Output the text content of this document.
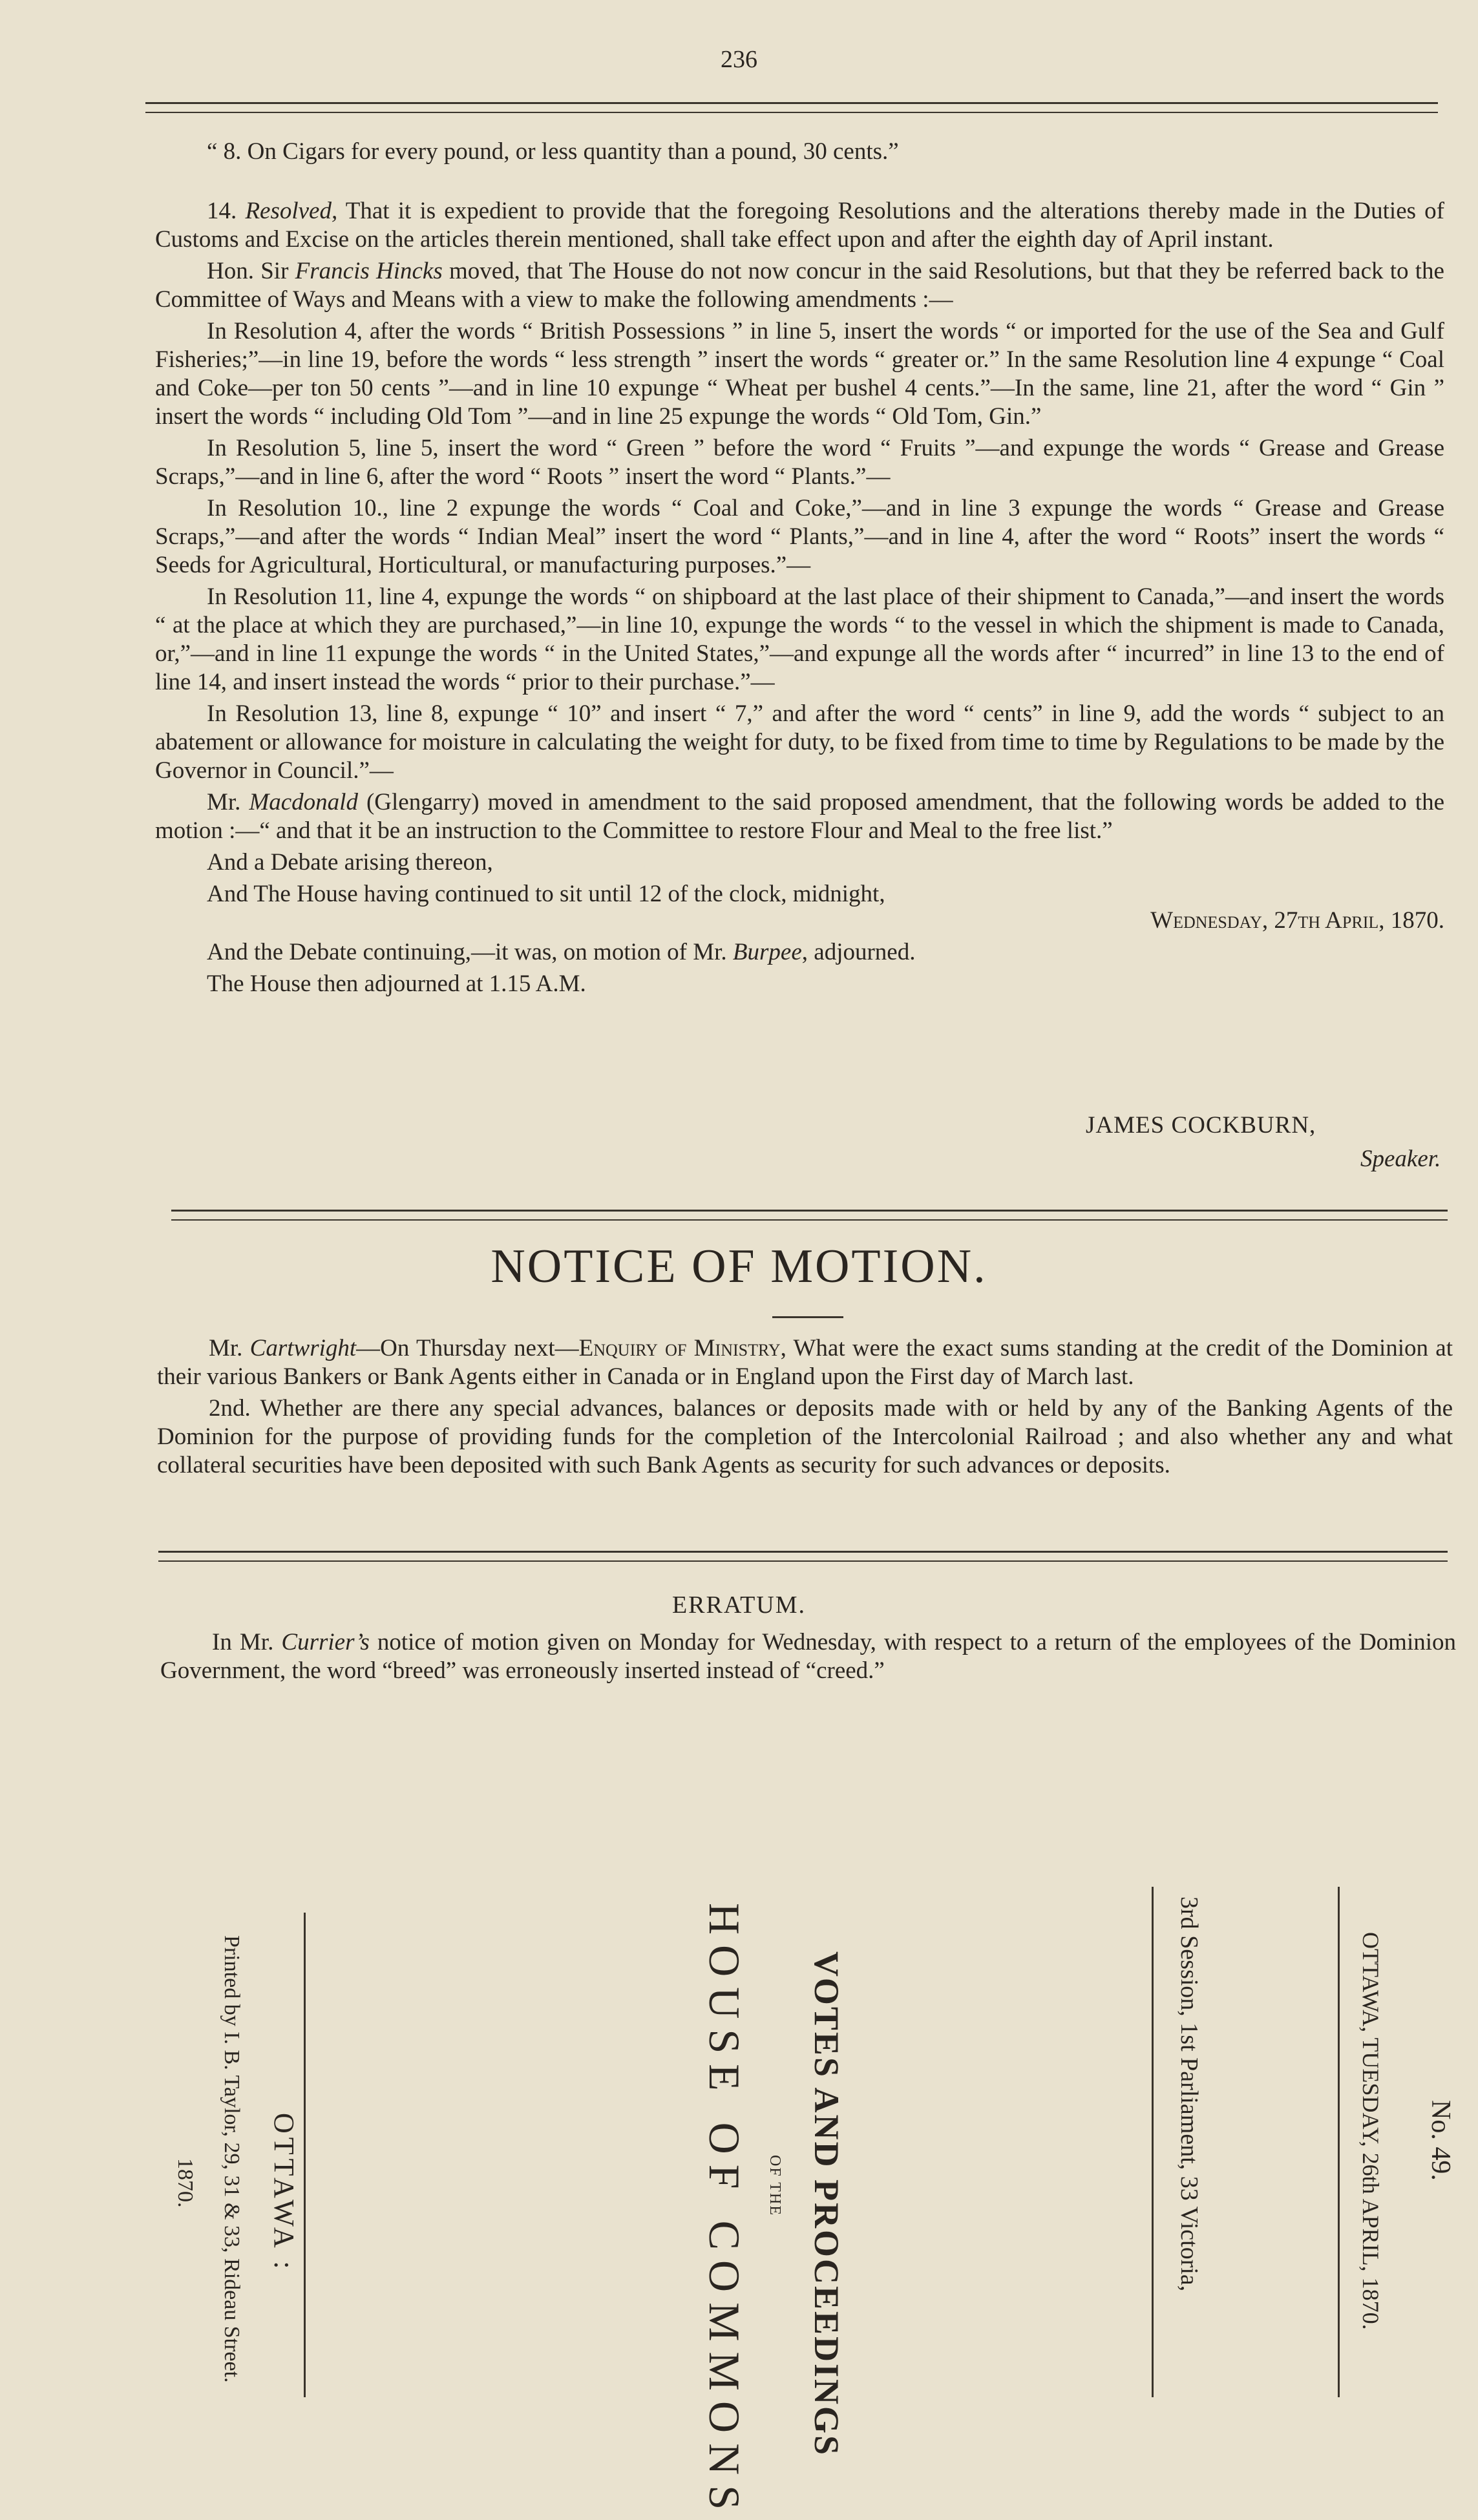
236

“ 8. On Cigars for every pound, or less quantity than a pound, 30 cents.”

14. Resolved, That it is expedient to provide that the foregoing Resolutions and the alterations thereby made in the Duties of Customs and Excise on the articles therein mentioned, shall take effect upon and after the eighth day of April instant.

Hon. Sir Francis Hincks moved, that The House do not now concur in the said Resolutions, but that they be referred back to the Committee of Ways and Means with a view to make the following amendments :—

In Resolution 4, after the words “ British Possessions ” in line 5, insert the words “ or imported for the use of the Sea and Gulf Fisheries;”—in line 19, before the words “ less strength ” insert the words “ greater or.” In the same Resolution line 4 expunge “ Coal and Coke—per ton 50 cents ”—and in line 10 expunge “ Wheat per bushel 4 cents.”—In the same, line 21, after the word “ Gin ” insert the words “ including Old Tom ”—and in line 25 expunge the words “ Old Tom, Gin.”

In Resolution 5, line 5, insert the word “ Green ” before the word “ Fruits ”—and expunge the words “ Grease and Grease Scraps,”—and in line 6, after the word “ Roots ” insert the word “ Plants.”—

In Resolution 10., line 2 expunge the words “ Coal and Coke,”—and in line 3 expunge the words “ Grease and Grease Scraps,”—and after the words “ Indian Meal” insert the word “ Plants,”—and in line 4, after the word “ Roots” insert the words “ Seeds for Agricultural, Horticultural, or manufacturing purposes.”—

In Resolution 11, line 4, expunge the words “ on shipboard at the last place of their shipment to Canada,”—and insert the words “ at the place at which they are purchased,”—in line 10, expunge the words “ to the vessel in which the shipment is made to Canada, or,”—and in line 11 expunge the words “ in the United States,”—and expunge all the words after “ incurred” in line 13 to the end of line 14, and insert instead the words “ prior to their purchase.”—

In Resolution 13, line 8, expunge “ 10” and insert “ 7,” and after the word “ cents” in line 9, add the words “ subject to an abatement or allowance for moisture in calculating the weight for duty, to be fixed from time to time by Regulations to be made by the Governor in Council.”—

Mr. Macdonald (Glengarry) moved in amendment to the said proposed amendment, that the following words be added to the motion :—“ and that it be an instruction to the Committee to restore Flour and Meal to the free list.”

And a Debate arising thereon,

And The House having continued to sit until 12 of the clock, midnight,

Wednesday, 27th April, 1870.

And the Debate continuing,—it was, on motion of Mr. Burpee, adjourned.

The House then adjourned at 1.15 A.M.

JAMES COCKBURN,
Speaker.
NOTICE OF MOTION.

Mr. Cartwright—On Thursday next—Enquiry of Ministry, What were the exact sums standing at the credit of the Dominion at their various Bankers or Bank Agents either in Canada or in England upon the First day of March last.

2nd. Whether are there any special advances, balances or deposits made with or held by any of the Banking Agents of the Dominion for the purpose of providing funds for the completion of the Intercolonial Railroad ; and also whether any and what collateral securities have been deposited with such Bank Agents as security for such advances or deposits.

ERRATUM.

In Mr. Currier’s notice of motion given on Monday for Wednesday, with respect to a return of the employees of the Dominion Government, the word “breed” was erroneously inserted instead of “creed.”

No. 49.
OTTAWA, TUESDAY, 26th APRIL, 1870.
3rd Session, 1st Parliament, 33 Victoria,
VOTES AND PROCEEDINGS
OF THE
HOUSE OF COMMONS
OTTAWA :
Printed by I. B. Taylor, 29, 31 & 33, Rideau Street.
1870.
